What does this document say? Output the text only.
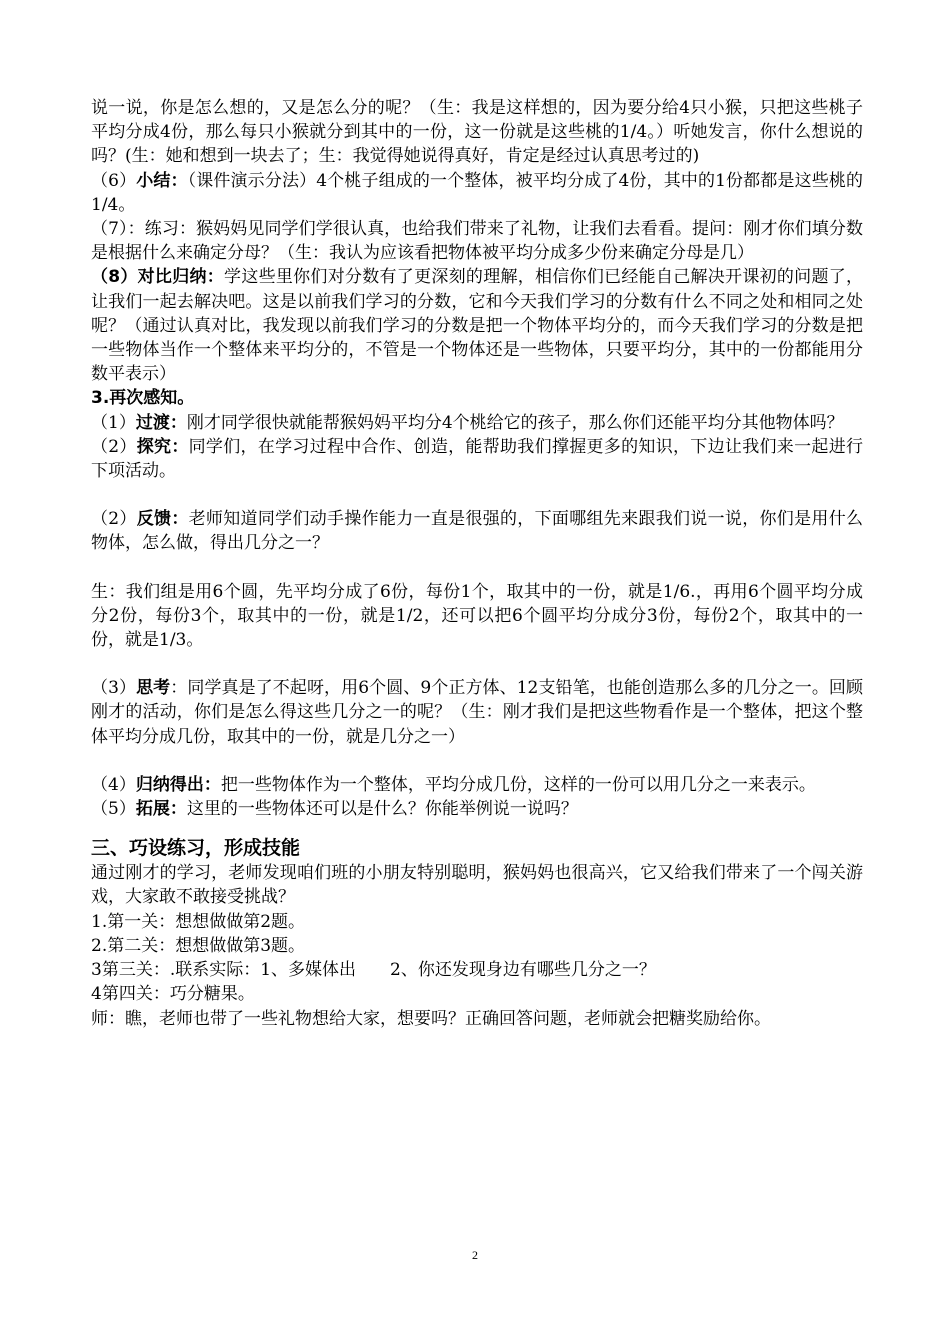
说一说，你是怎么想的，又是怎么分的呢？（生：我是这样想的，因为要分给4只小猴，只把这些桃子平均分成4份，那么每只小猴就分到其中的一份，这一份就是这些桃的1/4。）听她发言，你什么想说的吗？(生：她和想到一块去了；生：我觉得她说得真好，肯定是经过认真思考过的)

（6）小结：（课件演示分法）4个桃子组成的一个整体，被平均分成了4份，其中的1份都都是这些桃的1/4。

（7）：练习：猴妈妈见同学们学很认真，也给我们带来了礼物，让我们去看看。提问：刚才你们填分数是根据什么来确定分母？（生：我认为应该看把物体被平均分成多少份来确定分母是几）

（8）对比归纳：学这些里你们对分数有了更深刻的理解，相信你们已经能自己解决开课初的问题了，让我们一起去解决吧。这是以前我们学习的分数，它和今天我们学习的分数有什么不同之处和相同之处呢？（通过认真对比，我发现以前我们学习的分数是把一个物体平均分的，而今天我们学习的分数是把一些物体当作一个整体来平均分的，不管是一个物体还是一些物体，只要平均分，其中的一份都能用分数平表示）

3.再次感知。

（1）过渡：刚才同学很快就能帮猴妈妈平均分4个桃给它的孩子，那么你们还能平均分其他物体吗？

（2）探究：同学们，在学习过程中合作、创造，能帮助我们撑握更多的知识，下边让我们来一起进行下项活动。

（2）反馈：老师知道同学们动手操作能力一直是很强的，下面哪组先来跟我们说一说，你们是用什么物体，怎么做，得出几分之一？

生：我们组是用6个圆，先平均分成了6份，每份1个，取其中的一份，就是1/6.，再用6个圆平均分成分2份，每份3个，取其中的一份，就是1/2，还可以把6个圆平均分成分3份，每份2个，取其中的一份，就是1/3。

（3）思考：同学真是了不起呀，用6个圆、9个正方体、12支铅笔，也能创造那么多的几分之一。回顾刚才的活动，你们是怎么得这些几分之一的呢？（生：刚才我们是把这些物看作是一个整体，把这个整体平均分成几份，取其中的一份，就是几分之一）

（4）归纳得出：把一些物体作为一个整体，平均分成几份，这样的一份可以用几分之一来表示。

（5）拓展：这里的一些物体还可以是什么？你能举例说一说吗？

三、巧设练习，形成技能

通过刚才的学习，老师发现咱们班的小朋友特别聪明，猴妈妈也很高兴，它又给我们带来了一个闯关游戏，大家敢不敢接受挑战？

1.第一关：想想做做第2题。

2.第二关：想想做做第3题。

3第三关：.联系实际：1、多媒体出　　2、你还发现身边有哪些几分之一？

4第四关：巧分糖果。

师：瞧，老师也带了一些礼物想给大家，想要吗？正确回答问题，老师就会把糖奖励给你。

2
